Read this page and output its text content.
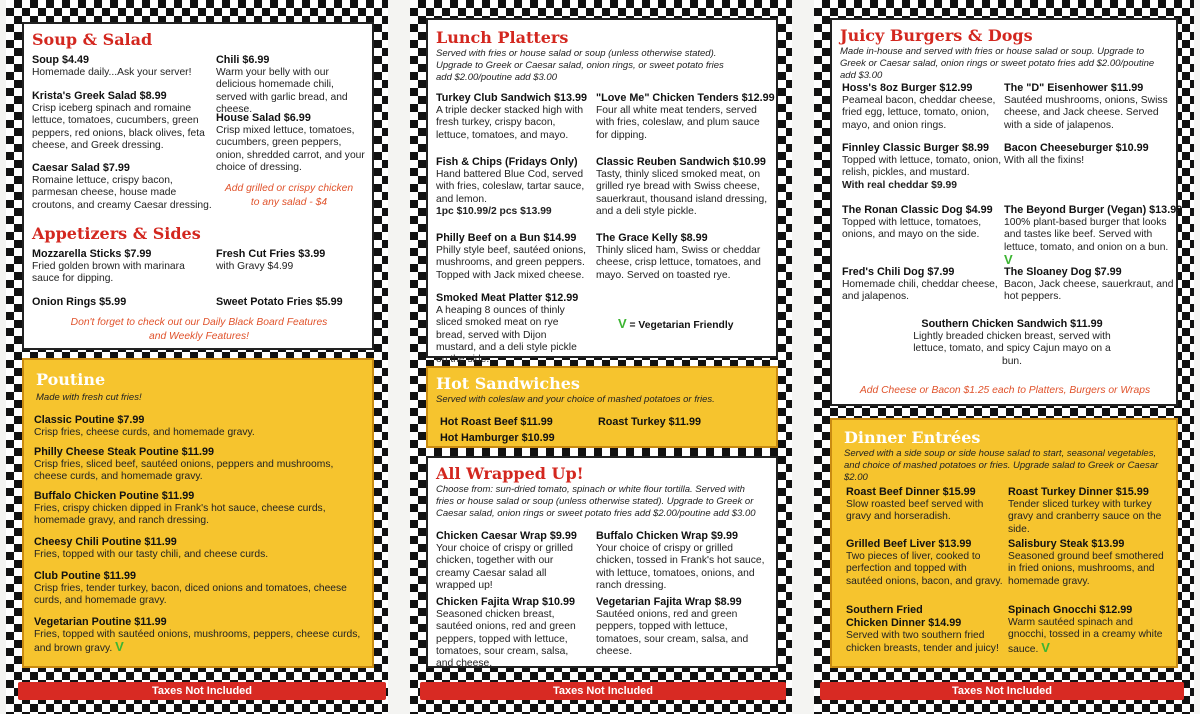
Soup & Salad
Soup $4.49
Homemade daily...Ask your server!
Krista's Greek Salad $8.99
Crisp iceberg spinach and romaine lettuce, tomatoes, cucumbers, green peppers, red onions, black olives, feta cheese, and Greek dressing.
Caesar Salad $7.99
Romaine lettuce, crispy bacon, parmesan cheese, house made croutons, and creamy Caesar dressing.
Chili $6.99
Warm your belly with our delicious homemade chili, served with garlic bread, and cheese.
House Salad $6.99
Crisp mixed lettuce, tomatoes, cucumbers, green peppers, onion, shredded carrot, and your choice of dressing.
Add grilled or crispy chicken to any salad - $4
Appetizers & Sides
Mozzarella Sticks $7.99
Fried golden brown with marinara sauce for dipping.
Fresh Cut Fries $3.99
with Gravy $4.99
Onion Rings $5.99	Sweet Potato Fries $5.99
Don't forget to check out our Daily Black Board Features and Weekly Features!
Poutine
Made with fresh cut fries!
Classic Poutine $7.99
Crisp fries, cheese curds, and homemade gravy.
Philly Cheese Steak Poutine $11.99
Crisp fries, sliced beef, sautéed onions, peppers and mushrooms, cheese curds, and homemade gravy.
Buffalo Chicken Poutine $11.99
Fries, crispy chicken dipped in Frank's hot sauce, cheese curds, homemade gravy, and ranch dressing.
Cheesy Chili Poutine $11.99
Fries, topped with our tasty chili, and cheese curds.
Club Poutine $11.99
Crisp fries, tender turkey, bacon, diced onions and tomatoes, cheese curds, and homemade gravy.
Vegetarian Poutine $11.99
Fries, topped with sautéed onions, mushrooms, peppers, cheese curds, and brown gravy. V
Taxes Not Included
Lunch Platters
Served with fries or house salad or soup (unless otherwise stated). Upgrade to Greek or Caesar salad, onion rings, or sweet potato fries add $2.00/poutine add $3.00
Turkey Club Sandwich $13.99
A triple decker stacked high with fresh turkey, crispy bacon, lettuce, tomatoes, and mayo.
Fish & Chips (Fridays Only)
Hand battered Blue Cod, served with fries, coleslaw, tartar sauce, and lemon.
1pc $10.99/2 pcs $13.99
Philly Beef on a Bun $14.99
Philly style beef, sautéed onions, mushrooms, and green peppers. Topped with Jack mixed cheese.
Smoked Meat Platter $12.99
A heaping 8 ounces of thinly sliced smoked meat on rye bread, served with Dijon mustard, and a deli style pickle on the side.
"Love Me" Chicken Tenders $12.99
Four all white meat tenders, served with fries, coleslaw, and plum sauce for dipping.
Classic Reuben Sandwich $10.99
Tasty, thinly sliced smoked meat, on grilled rye bread with Swiss cheese, sauerkraut, thousand island dressing, and a deli style pickle.
The Grace Kelly $8.99
Thinly sliced ham, Swiss or cheddar cheese, crisp lettuce, tomatoes, and mayo. Served on toasted rye.
V = Vegetarian Friendly
Hot Sandwiches
Served with coleslaw and your choice of mashed potatoes or fries.
Hot Roast Beef $11.99
Hot Hamburger $10.99
Roast Turkey $11.99
All Wrapped Up!
Choose from: sun-dried tomato, spinach or white flour tortilla. Served with fries or house salad or soup (unless otherwise stated). Upgrade to Greek or Caesar salad, onion rings or sweet potato fries add $2.00/poutine add $3.00
Chicken Caesar Wrap $9.99
Your choice of crispy or grilled chicken, together with our creamy Caesar salad all wrapped up!
Chicken Fajita Wrap $10.99
Seasoned chicken breast, sautéed onions, red and green peppers, topped with lettuce, tomatoes, sour cream, salsa, and cheese.
Buffalo Chicken Wrap $9.99
Your choice of crispy or grilled chicken, tossed in Frank's hot sauce, with lettuce, tomatoes, onions, and ranch dressing.
Vegetarian Fajita Wrap $8.99
Sautéed onions, red and green peppers, topped with lettuce, tomatoes, sour cream, salsa, and cheese.
Taxes Not Included
Juicy Burgers & Dogs
Made in-house and served with fries or house salad or soup. Upgrade to Greek or Caesar salad, onion rings or sweet potato fries add $2.00/poutine add $3.00
Hoss's 8oz Burger $12.99
Peameal bacon, cheddar cheese, fried egg, lettuce, tomato, onion, mayo, and onion rings.
Finnley Classic Burger $8.99
Topped with lettuce, tomato, onion, relish, pickles, and mustard.
With real cheddar $9.99
The Ronan Classic Dog $4.99
Topped with lettuce, tomatoes, onions, and mayo on the side.
Fred's Chili Dog $7.99
Homemade chili, cheddar cheese, and jalapenos.
The "D" Eisenhower $11.99
Sautéed mushrooms, onions, Swiss cheese, and Jack cheese. Served with a side of jalapenos.
Bacon Cheeseburger $10.99
With all the fixins!
The Beyond Burger (Vegan) $13.99
100% plant-based burger that looks and tastes like beef. Served with lettuce, tomato, and onion on a bun. V
The Sloaney Dog $7.99
Bacon, Jack cheese, sauerkraut, and hot peppers.
Southern Chicken Sandwich $11.99
Lightly breaded chicken breast, served with lettuce, tomato, and spicy Cajun mayo on a bun.
Add Cheese or Bacon $1.25 each to Platters, Burgers or Wraps
Dinner Entrées
Served with a side soup or side house salad to start, seasonal vegetables, and choice of mashed potatoes or fries. Upgrade salad to Greek or Caesar $2.00
Roast Beef Dinner $15.99
Slow roasted beef served with gravy and horseradish.
Grilled Beef Liver $13.99
Two pieces of liver, cooked to perfection and topped with sautéed onions, bacon, and gravy.
Southern Fried
Chicken Dinner $14.99
Served with two southern fried chicken breasts, tender and juicy!
Roast Turkey Dinner $15.99
Tender sliced turkey with turkey gravy and cranberry sauce on the side.
Salisbury Steak $13.99
Seasoned ground beef smothered in fried onions, mushrooms, and homemade gravy.
Spinach Gnocchi $12.99
Warm sautéed spinach and gnocchi, tossed in a creamy white sauce. V
Taxes Not Included
